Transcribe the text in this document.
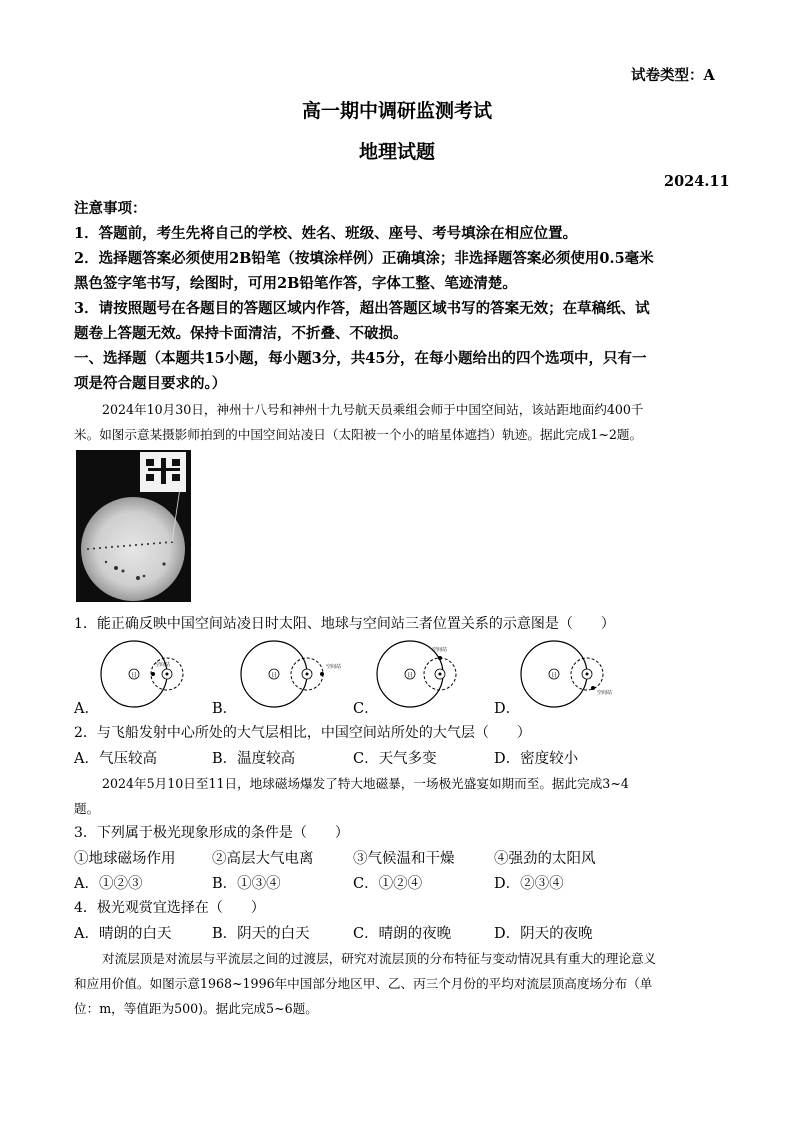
试卷类型：A
高一期中调研监测考试
地理试题
2024.11
注意事项：
1．答题前，考生先将自己的学校、姓名、班级、座号、考号填涂在相应位置。
2．选择题答案必须使用2B铅笔（按填涂样例）正确填涂；非选择题答案必须使用0.5毫米
黑色签字笔书写，绘图时，可用2B铅笔作答，字体工整、笔迹清楚。
3．请按照题号在各题目的答题区域内作答，超出答题区域书写的答案无效；在草稿纸、试
题卷上答题无效。保持卡面清洁，不折叠、不破损。
一、选择题（本题共15小题，每小题3分，共45分，在每小题给出的四个选项中，只有一
项是符合题目要求的。）
2024年10月30日，神州十八号和神州十九号航天员乘组会师于中国空间站，该站距地面约400千
米。如图示意某摄影师拍到的中国空间站凌日（太阳被一个小的暗星体遮挡）轨迹。据此完成1~2题。
1．能正确反映中国空间站凌日时太阳、地球与空间站三者位置关系的示意图是（　　）
A．
日
空间站
B．
日
空间站
C．
日
空间站
D．
日
空间站
2．与飞船发射中心所处的大气层相比，中国空间站所处的大气层（　　）
A．气压较高	B．温度较高	C．天气多变	D．密度较小
2024年5月10日至11日，地球磁场爆发了特大地磁暴，一场极光盛宴如期而至。据此完成3~4
题。
3．下列属于极光现象形成的条件是（　　）
①地球磁场作用	②高层大气电离	③气候温和干燥	④强劲的太阳风
A．①②③	B．①③④	C．①②④	D．②③④
4．极光观赏宜选择在（　　）
A．晴朗的白天	B．阴天的白天	C．晴朗的夜晚	D．阴天的夜晚
对流层顶是对流层与平流层之间的过渡层，研究对流层顶的分布特征与变动情况具有重大的理论意义
和应用价值。如图示意1968~1996年中国部分地区甲、乙、丙三个月份的平均对流层顶高度场分布（单
位：m，等值距为500)。据此完成5~6题。
